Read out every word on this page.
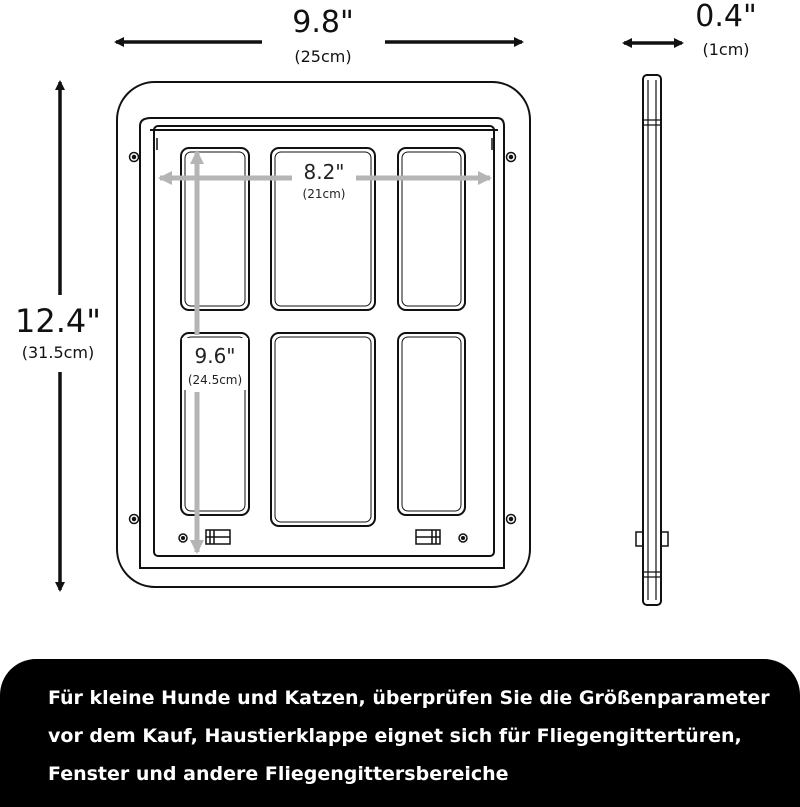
9.8"
(25cm)
0.4"
(1cm)
12.4"
(31.5cm)
8.2"
(21cm)
9.6"
(24.5cm)
Für kleine Hunde und Katzen, überprüfen Sie die Größenparameter
vor dem Kauf, Haustierklappe eignet sich für Fliegengittertüren,
Fenster und andere Fliegengittersbereiche
